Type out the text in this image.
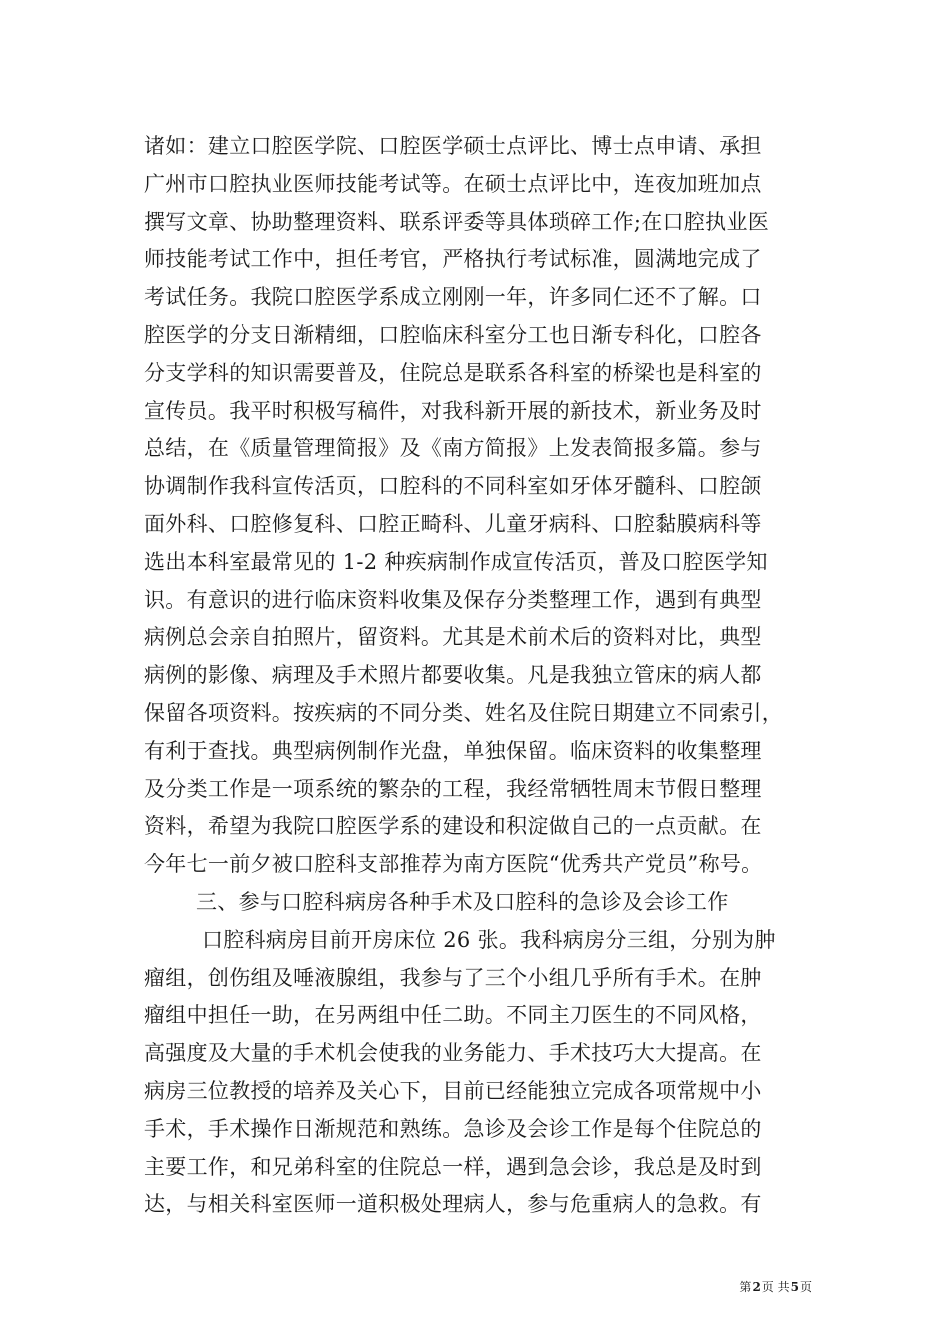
诸如：建立口腔医学院、口腔医学硕士点评比、博士点申请、承担
广州市口腔执业医师技能考试等。在硕士点评比中，连夜加班加点
撰写文章、协助整理资料、联系评委等具体琐碎工作;在口腔执业医
师技能考试工作中，担任考官，严格执行考试标准，圆满地完成了
考试任务。我院口腔医学系成立刚刚一年，许多同仁还不了解。口
腔医学的分支日渐精细，口腔临床科室分工也日渐专科化，口腔各
分支学科的知识需要普及，住院总是联系各科室的桥梁也是科室的
宣传员。我平时积极写稿件，对我科新开展的新技术，新业务及时
总结，在《质量管理简报》及《南方简报》上发表简报多篇。参与
协调制作我科宣传活页，口腔科的不同科室如牙体牙髓科、口腔颌
面外科、口腔修复科、口腔正畸科、儿童牙病科、口腔黏膜病科等
选出本科室最常见的 1-2 种疾病制作成宣传活页，普及口腔医学知
识。有意识的进行临床资料收集及保存分类整理工作，遇到有典型
病例总会亲自拍照片，留资料。尤其是术前术后的资料对比，典型
病例的影像、病理及手术照片都要收集。凡是我独立管床的病人都
保留各项资料。按疾病的不同分类、姓名及住院日期建立不同索引，
有利于查找。典型病例制作光盘，单独保留。临床资料的收集整理
及分类工作是一项系统的繁杂的工程，我经常牺牲周末节假日整理
资料，希望为我院口腔医学系的建设和积淀做自己的一点贡献。在
今年七一前夕被口腔科支部推荐为南方医院“优秀共产党员”称号。
三、参与口腔科病房各种手术及口腔科的急诊及会诊工作
口腔科病房目前开房床位 26 张。我科病房分三组，分别为肿
瘤组，创伤组及唾液腺组，我参与了三个小组几乎所有手术。在肿
瘤组中担任一助，在另两组中任二助。不同主刀医生的不同风格，
高强度及大量的手术机会使我的业务能力、手术技巧大大提高。在
病房三位教授的培养及关心下，目前已经能独立完成各项常规中小
手术，手术操作日渐规范和熟练。急诊及会诊工作是每个住院总的
主要工作，和兄弟科室的住院总一样，遇到急会诊，我总是及时到
达，与相关科室医师一道积极处理病人，参与危重病人的急救。有
第2页 共5页
